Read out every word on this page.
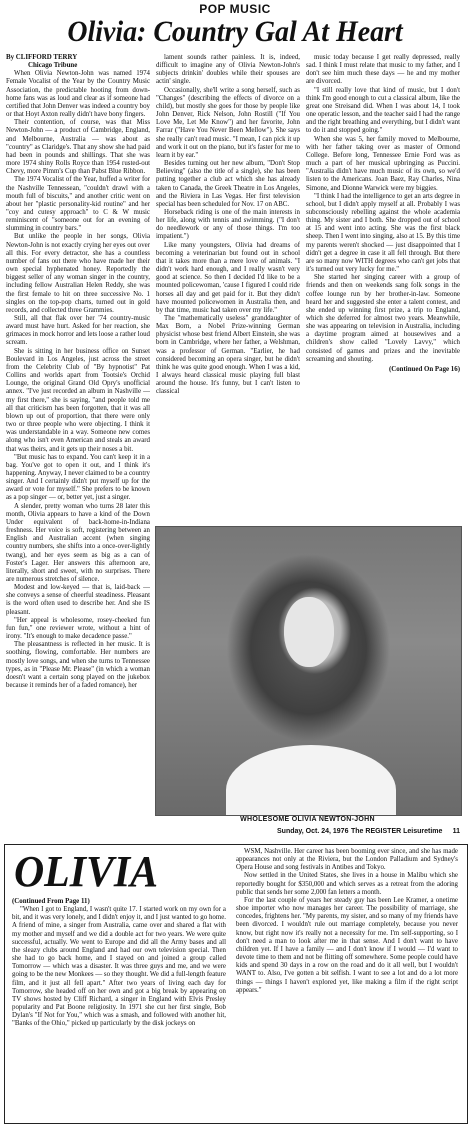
POP MUSIC
Olivia: Country Gal At Heart

By CLIFFORD TERRY

Chicago Tribune

When Olivia Newton-John was named 1974 Female Vocalist of the Year by the Country Music Association, the predictable hooting from down-home fans was as loud and clear as if someone had certified that John Denver was indeed a country boy or that Hoyt Axton really didn't have bony fingers.

Their contention, of course, was that Miss Newton-John — a product of Cambridge, England, and Melbourne, Australia — was about as "country" as Claridge's. That any show she had paid had been in pounds and shillings. That she was more 1974 shiny Rolls Royce than 1954 rusted-out Chevy, more Pimm's Cup than Pabst Blue Ribbon.

The 1974 Vocalist of the Year, huffed a writer for the Nashville Tennessean, "couldn't drawl with a mouth full of biscuits," and another critic went on about her "plastic personality-kid routine" and her "coy and cutesy approach" to C & W music reminiscent of "someone out for an evening of slumming in country bars."

But unlike the people in her songs, Olivia Newton-John is not exactly crying her eyes out over all this. For every detractor, she has a countless number of fans out there who have made her their own special hyphenated honey. Reportedly the biggest seller of any woman singer in the country, including fellow Australian Helen Reddy, she was the first female to hit on three successive No. 1 singles on the top-pop charts, turned out in gold records, and collected three Grammies.

Still, all that flak over her '74 country-music award must have hurt. Asked for her reaction, she grimaces in mock horror and lets loose a rather loud scream.

She is sitting in her business office on Sunset Boulevard in Los Angeles, just across the street from the Celebrity Club of "By hypnotist" Pat Collins and worlds apart from Tootsie's Orchid Lounge, the original Grand Old Opry's unofficial annex. "I've just recorded an album in Nashville — my first there," she is saying, "and people told me all that criticism has been forgotten, that it was all blown up out of proportion, that there were only two or three people who were objecting. I think it was understandable in a way. Someone new comes along who isn't even American and steals an award that was theirs, and it gets up their noses a bit.

"But music has to expand. You can't keep it in a bag. You've got to open it out, and I think it's happening. Anyway, I never claimed to be a country singer. And I certainly didn't put myself up for the award or vote for myself." She prefers to be known as a pop singer — or, better yet, just a singer.

A slender, pretty woman who turns 28 later this month, Olivia appears to have a kind of the Down Under equivalent of back-home-in-Indiana freshness. Her voice is soft, registering between an English and Australian accent (when singing country numbers, she shifts into a once-over-lightly twang), and her eyes seem as big as a can of Foster's Lager. Her answers this afternoon are, literally, short and sweet, with no surprises. There are numerous stretches of silence.

Modest and low-keyed — that is, laid-back — she conveys a sense of cheerful steadiness. Pleasant is the word often used to describe her. And she IS pleasant.

"Her appeal is wholesome, rosey-cheeked fun fun fun," one reviewer wrote, without a hint of irony. "It's enough to make decadence passe."

The pleasantness is reflected in her music. It is soothing, flowing, comfortable. Her numbers are mostly love songs, and when she turns to Tennessee types, as in "Please Mr. Please" (in which a woman doesn't want a certain song played on the jukebox because it reminds her of a faded romance), her

lament sounds rather painless. It is, indeed, difficult to imagine any of Olivia Newton-John's subjects drinkin' doubles while their spouses are actin' single.

Occasionally, she'll write a song herself, such as "Changes" (describing the effects of divorce on a child), but mostly she goes for those by people like John Denver, Rick Nelson, John Rostill ("If You Love Me, Let Me Know") and her favorite, John Farrar ("Have You Never Been Mellow"). She says she really can't read music. "I mean, I can pick it up and work it out on the piano, but it's faster for me to learn it by ear."

Besides turning out her new album, "Don't Stop Believing" (also the title of a single), she has been putting together a club act which she has already taken to Canada, the Greek Theatre in Los Angeles, and the Riviera in Las Vegas. Her first television special has been scheduled for Nov. 17 on ABC.

Horseback riding is one of the main interests in her life, along with tennis and swimming. ("I don't do needlework or any of those things. I'm too impatient.")

Like many youngsters, Olivia had dreams of becoming a veterinarian but found out in school that it takes more than a mere love of animals. "I didn't work hard enough, and I really wasn't very good at science. So then I decided I'd like to be a mounted policewoman, 'cause I figured I could ride horses all day and get paid for it. But they didn't have mounted policewomen in Australia then, and by that time, music had taken over my life."

The "mathematically useless" granddaughter of Max Born, a Nobel Prize-winning German physicist whose best friend Albert Einstein, she was born in Cambridge, where her father, a Welshman, was a professor of German. "Earlier, he had considered becoming an opera singer, but he didn't think he was quite good enough. When I was a kid, I always heard classical music playing full blast around the house. It's funny, but I can't listen to classical

music today because I get really depressed, really sad. I think I must relate that music to my father, and I don't see him much these days — he and my mother are divorced.

"I still really love that kind of music, but I don't think I'm good enough to cut a classical album, like the great one Streisand did. When I was about 14, I took one operatic lesson, and the teacher said I had the range and the right breathing and everything, but I didn't want to do it and stopped going."

When she was 5, her family moved to Melbourne, with her father taking over as master of Ormond College. Before long, Tennessee Ernie Ford was as much a part of her musical upbringing as Puccini. "Australia didn't have much music of its own, so we'd listen to the Americans. Joan Baez, Ray Charles, Nina Simone, and Dionne Warwick were my biggies.

"I think I had the intelligence to get an arts degree in school, but I didn't apply myself at all. Probably I was subconsciously rebelling against the whole academia thing. My sister and I both. She dropped out of school at 15 and went into acting. She was the first black sheep. Then I went into singing, also at 15. By this time my parents weren't shocked — just disappointed that I didn't get a degree in case it all fell through. But there are so many now WITH degrees who can't get jobs that it's turned out very lucky for me."

She started her singing career with a group of friends and then on weekends sang folk songs in the coffee lounge run by her brother-in-law. Someone heard her and suggested she enter a talent contest, and she ended up winning first prize, a trip to England, which she deferred for almost two years. Meanwhile, she was appearing on television in Australia, including a daytime program aimed at housewives and a children's show called "Lovely Lavvy," which consisted of games and prizes and the inevitable screaming and shouting.

(Continued On Page 16)

WHOLESOME OLIVIA NEWTON-JOHN
Sunday, Oct. 24, 1976 The REGISTER Leisuretime 11
OLIVIA

(Continued From Page 11)

"When I got to England, I wasn't quite 17. I started work on my own for a bit, and it was very lonely, and I didn't enjoy it, and I just wanted to go home. A friend of mine, a singer from Australia, came over and shared a flat with my mother and myself and we did a double act for two years. We were quite successful, actually. We went to Europe and did all the Army bases and all the sleazy clubs around England and had our own television special. Then she had to go back home, and I stayed on and joined a group called Tomorrow — which was a disaster. It was three guys and me, and we were going to be the new Monkees — so they thought. We did a full-length feature film, and it just all fell apart." After two years of living each day for Tomorrow, she headed off on her own and got a big break by appearing on TV shows hosted by Cliff Richard, a singer in England with Elvis Presley popularity and Pat Boone religiosity. In 1971 she cut her first single, Bob Dylan's "If Not for You," which was a smash, and followed with another hit, "Banks of the Ohio," picked up particularly by the disk jockeys on

WSM, Nashville. Her career has been booming ever since, and she has made appearances not only at the Riviera, but the London Palladium and Sydney's Opera House and song festivals in Antibes and Tokyo.

Now settled in the United States, she lives in a house in Malibu which she reportedly bought for $350,000 and which serves as a retreat from the adoring public that sends her some 2,000 fan letters a month.

For the last couple of years her steady guy has been Lee Kramer, a onetime shoe importer who now manages her career. The possibility of marriage, she concedes, frightens her. "My parents, my sister, and so many of my friends have been divorced. I wouldn't rule out marriage completely, because you never know, but right now it's really not a necessity for me. I'm self-supporting, so I don't need a man to look after me in that sense. And I don't want to have children yet. If I have a family — and I don't know if I would — I'd want to devote time to them and not be flitting off somewhere. Some people could have kids and spend 30 days in a row on the road and do it all well, but I wouldn't WANT to. Also, I've gotten a bit selfish. I want to see a lot and do a lot more things — things I haven't explored yet, like making a film if the right script appears."
